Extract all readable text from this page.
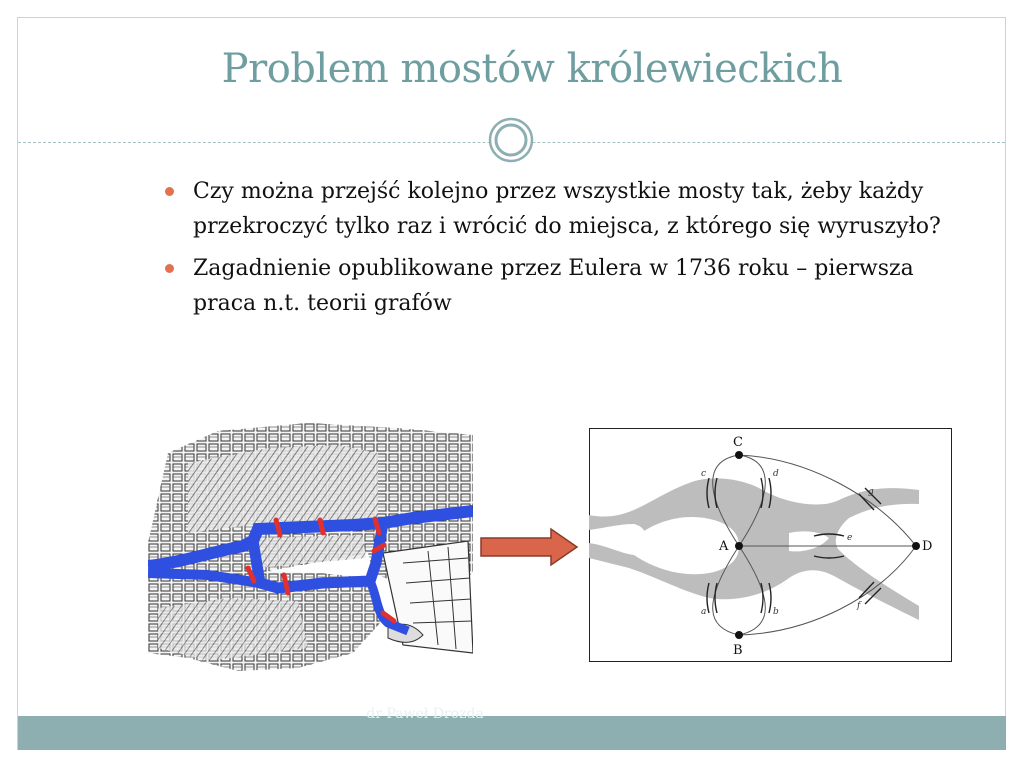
Problem mostów królewieckich
Czy można przejść kolejno przez wszystkie mosty tak, żeby każdy przekroczyć tylko raz i wrócić do miejsca, z którego się wyruszyło?
Zagadnienie opublikowane przez Eulera w 1736 roku – pierwsza praca n.t. teorii grafów
A
C
B
D
c	d
a	b
e
g
f
dr Paweł Drozda
